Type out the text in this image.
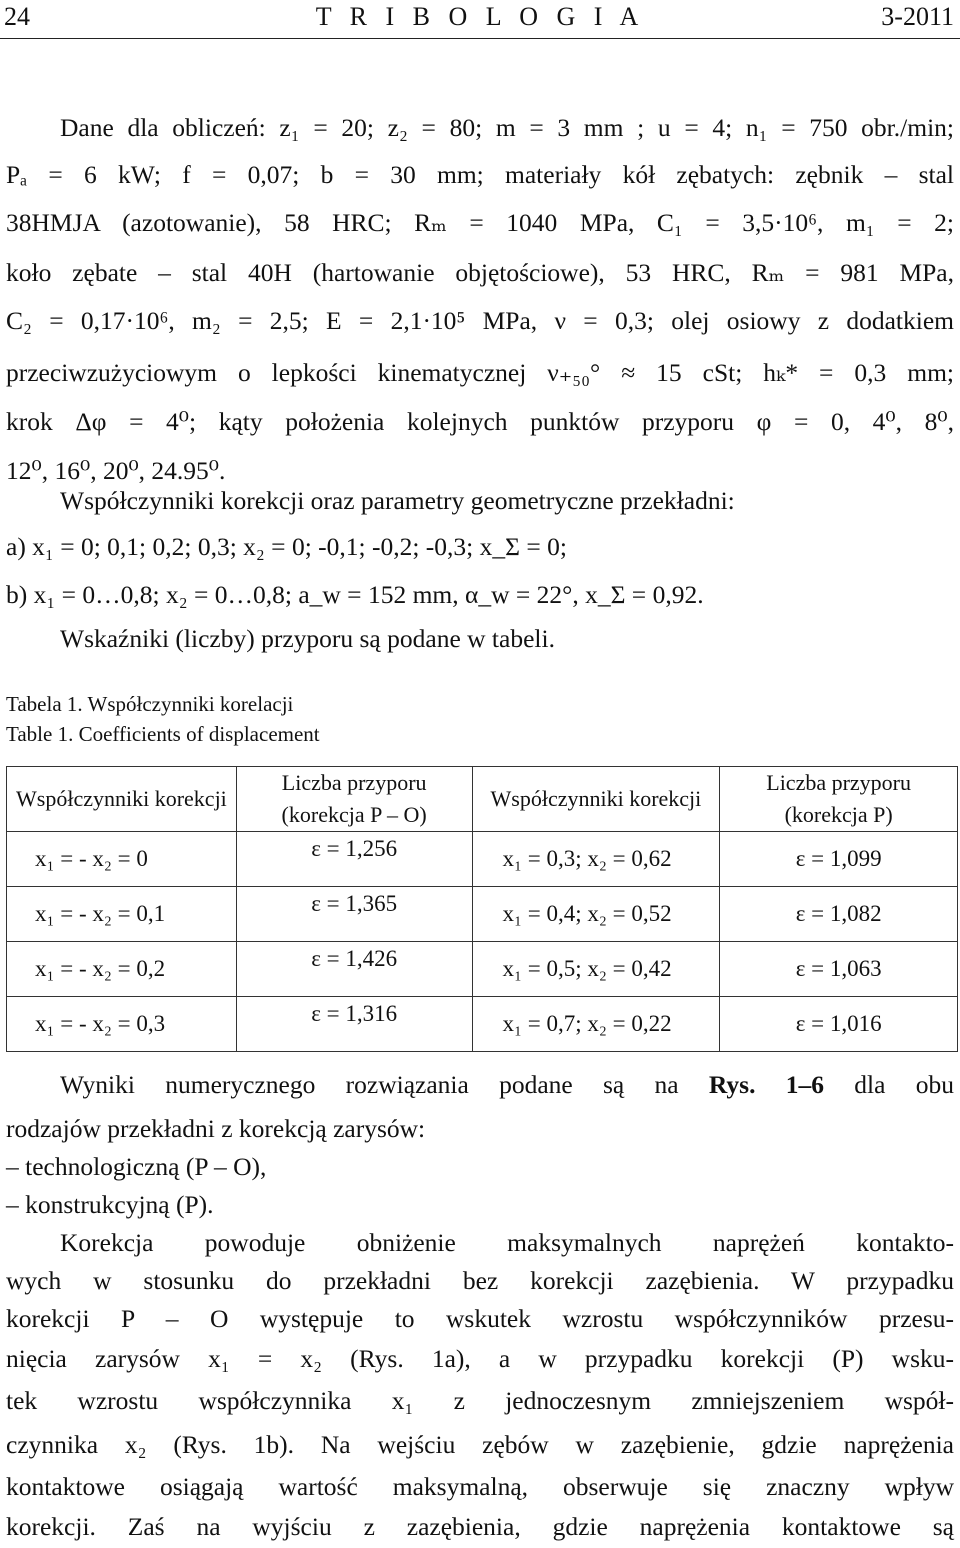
24	T R I B O L O G I A	3-2011
Dane dla obliczeń: z₁ = 20; z₂ = 80; m = 3 mm ; u = 4; n₁ = 750 obr./min;
Pₐ = 6 kW; f = 0,07; b = 30 mm; materiały kół zębatych: zębnik – stal
38HMJA (azotowanie), 58 HRC; Rₘ = 1040 MPa, C₁ = 3,5·10⁶, m₁ = 2;
koło zębate – stal 40H (hartowanie objętościowe), 53 HRC, Rₘ = 981 MPa,
C₂ = 0,17·10⁶, m₂ = 2,5; E = 2,1·10⁵ MPa, ν = 0,3; olej osiowy z dodatkiem
przeciwzużyciowym o lepkości kinematycznej ν₊₅₀° ≈ 15 cSt; hₖ* = 0,3 mm;
krok Δφ = 4⁰; kąty położenia kolejnych punktów przyporu φ = 0, 4⁰, 8⁰,
12⁰, 16⁰, 20⁰, 24.95⁰.
Współczynniki korekcji oraz parametry geometryczne przekładni:
a) x₁ = 0; 0,1; 0,2; 0,3; x₂ = 0; -0,1; -0,2; -0,3; x_Σ = 0;
b) x₁ = 0…0,8; x₂ = 0…0,8; a_w = 152 mm, α_w = 22°, x_Σ = 0,92.
Wskaźniki (liczby) przyporu są podane w tabeli.
Tabela 1. Współczynniki korelacji
Table 1. Coefficients of displacement
Współczynniki korekcji	Liczba przyporu (korekcja P – O)	Współczynniki korekcji	Liczba przyporu (korekcja P)
x₁ = - x₂ = 0	ε = 1,256	x₁ = 0,3; x₂ = 0,62	ε = 1,099
x₁ = - x₂ = 0,1	ε = 1,365	x₁ = 0,4; x₂ = 0,52	ε = 1,082
x₁ = - x₂ = 0,2	ε = 1,426	x₁ = 0,5; x₂ = 0,42	ε = 1,063
x₁ = - x₂ = 0,3	ε = 1,316	x₁ = 0,7; x₂ = 0,22	ε = 1,016
Wyniki numerycznego rozwiązania podane są na Rys. 1–6 dla obu
rodzajów przekładni z korekcją zarysów:
– technologiczną (P – O),
– konstrukcyjną (P).
Korekcja powoduje obniżenie maksymalnych naprężeń kontakto-
wych w stosunku do przekładni bez korekcji zazębienia. W przypadku
korekcji P – O występuje to wskutek wzrostu współczynników przesu-
nięcia zarysów x₁ = x₂ (Rys. 1a), a w przypadku korekcji (P) wsku-
tek wzrostu współczynnika x₁ z jednoczesnym zmniejszeniem współ-
czynnika x₂ (Rys. 1b). Na wejściu zębów w zazębienie, gdzie naprężenia
kontaktowe osiągają wartość maksymalną, obserwuje się znaczny wpływ
korekcji. Zaś na wyjściu z zazębienia, gdzie naprężenia kontaktowe są
